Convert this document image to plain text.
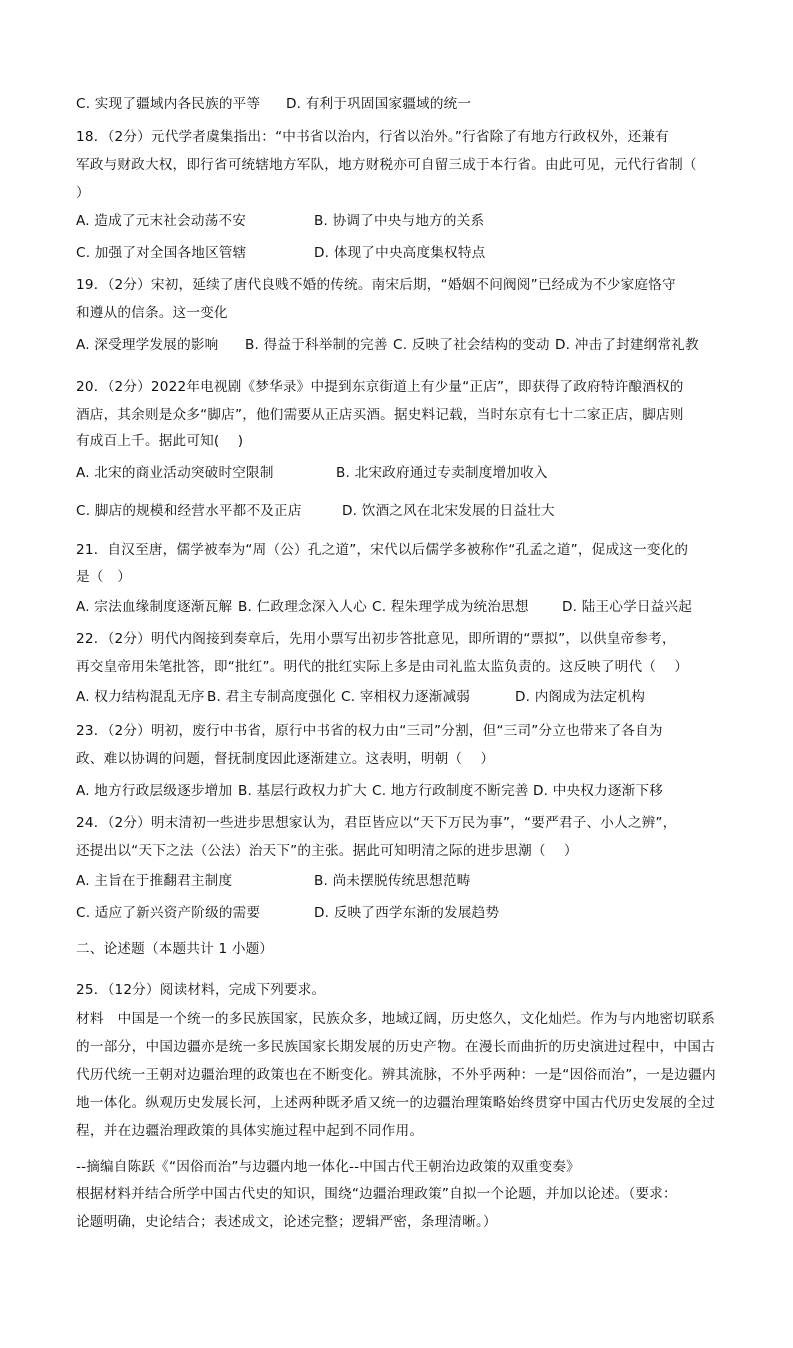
C. 实现了疆域内各民族的平等 D. 有利于巩固国家疆域的统一
18．（2分）元代学者虞集指出：“中书省以治内，行省以治外。”行省除了有地方行政权外，还兼有
军政与财政大权，即行省可统辖地方军队，地方财税亦可自留三成于本行省。由此可见，元代行省制（
）
A. 造成了元末社会动荡不安	B. 协调了中央与地方的关系
C. 加强了对全国各地区管辖	D. 体现了中央高度集权特点
19．（2分）宋初，延续了唐代良贱不婚的传统。南宋后期，“婚姻不问阀阅”已经成为不少家庭恪守
和遵从的信条。这一变化
A. 深受理学发展的影响 B. 得益于科举制的完善 C. 反映了社会结构的变动 D. 冲击了封建纲常礼教
20．（2分）2022年电视剧《梦华录》中提到东京街道上有少量“正店”，即获得了政府特许酿酒权的
酒店，其余则是众多“脚店”，他们需要从正店买酒。据史料记载，当时东京有七十二家正店，脚店则
有成百上千。据此可知(　 )
A. 北宋的商业活动突破时空限制	B. 北宋政府通过专卖制度增加收入
C. 脚店的规模和经营水平都不及正店	D. 饮酒之风在北宋发展的日益壮大
21．自汉至唐，儒学被奉为“周（公）孔之道”，宋代以后儒学多被称作“孔孟之道”，促成这一变化的
是（　）
A. 宗法血缘制度逐渐瓦解 B. 仁政理念深入人心 C. 程朱理学成为统治思想 D. 陆王心学日益兴起
22．（2分）明代内阁接到奏章后，先用小票写出初步答批意见，即所谓的“票拟”，以供皇帝参考，
再交皇帝用朱笔批答，即“批红”。明代的批红实际上多是由司礼监太监负责的。这反映了明代（　 ）
A. 权力结构混乱无序 B. 君主专制高度强化 C. 宰相权力逐渐减弱	D. 内阁成为法定机构
23．（2分）明初，废行中书省，原行中书省的权力由“三司”分割，但“三司”分立也带来了各自为
政、难以协调的问题，督抚制度因此逐渐建立。这表明，明朝（　 ）
A. 地方行政层级逐步增加 B. 基层行政权力扩大 C. 地方行政制度不断完善 D. 中央权力逐渐下移
24．（2分）明末清初一些进步思想家认为，君臣皆应以“天下万民为事”，“要严君子、小人之辨”，
还提出以“天下之法（公法）治天下”的主张。据此可知明清之际的进步思潮（　 ）
A. 主旨在于推翻君主制度	B. 尚未摆脱传统思想范畴
C. 适应了新兴资产阶级的需要	D. 反映了西学东渐的发展趋势
二、论述题（本题共计 1 小题）
25．（12分）阅读材料，完成下列要求。
材料　中国是一个统一的多民族国家，民族众多，地域辽阔，历史悠久，文化灿烂。作为与内地密切联系的一部分，中国边疆亦是统一多民族国家长期发展的历史产物。在漫长而曲折的历史演进过程中，中国古代历代统一王朝对边疆治理的政策也在不断变化。辨其流脉，不外乎两种：一是“因俗而治”，一是边疆内地一体化。纵观历史发展长河，上述两种既矛盾又统一的边疆治理策略始终贯穿中国古代历史发展的全过程，并在边疆治理政策的具体实施过程中起到不同作用。
--摘编自陈跃《“因俗而治”与边疆内地一体化--中国古代王朝治边政策的双重变奏》
根据材料并结合所学中国古代史的知识，围绕“边疆治理政策”自拟一个论题，并加以论述。（要求：
论题明确，史论结合；表述成文，论述完整；逻辑严密，条理清晰。）
